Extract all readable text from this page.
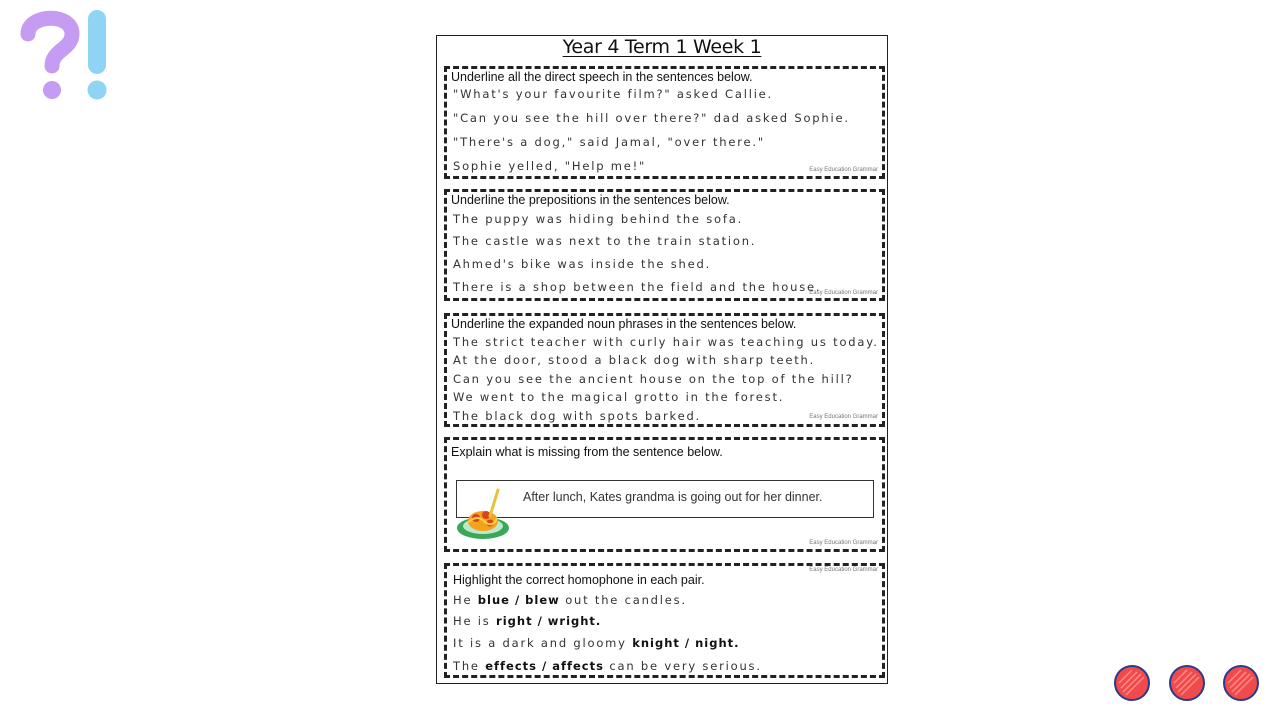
Year 4 Term 1 Week 1
Underline all the direct speech in the sentences below.
"What's your favourite film?" asked Callie.
"Can you see the hill over there?" dad asked Sophie.
"There's a dog," said Jamal, "over there."
Sophie yelled, "Help me!"	Easy Education Grammar
Underline the prepositions in the sentences below.
The puppy was hiding behind the sofa.
The castle was next to the train station.
Ahmed's bike was inside the shed.
There is a shop between the field and the house.
Easy Education Grammar
Underline the expanded noun phrases in the sentences below.
The strict teacher with curly hair was teaching us today.
At the door, stood a black dog with sharp teeth.
Can you see the ancient house on the top of the hill?
We went to the magical grotto in the forest.
The black dog with spots barked.	Easy Education Grammar
Explain what is missing from the sentence below.
After lunch, Kates grandma is going out for her dinner.
Easy Education Grammar
Easy Education Grammar
Highlight the correct homophone in each pair.
He blue / blew out the candles.
He is right / wright.
It is a dark and gloomy knight / night.
The effects / affects can be very serious.
